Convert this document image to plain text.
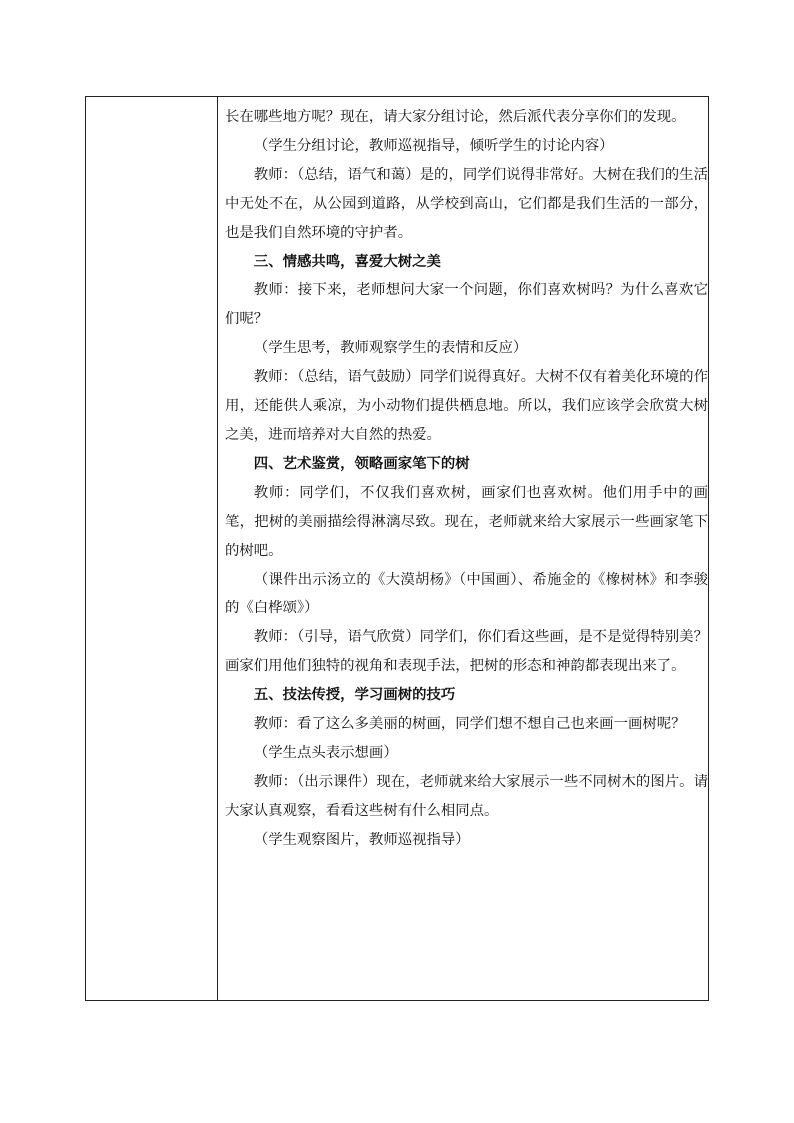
长在哪些地方呢？现在，请大家分组讨论，然后派代表分享你们的发现。

（学生分组讨论，教师巡视指导，倾听学生的讨论内容）

教师：（总结，语气和蔼）是的，同学们说得非常好。大树在我们的生活中无处不在，从公园到道路，从学校到高山，它们都是我们生活的一部分，也是我们自然环境的守护者。

三、情感共鸣，喜爱大树之美

教师：接下来，老师想问大家一个问题，你们喜欢树吗？为什么喜欢它们呢？

（学生思考，教师观察学生的表情和反应）

教师：（总结，语气鼓励）同学们说得真好。大树不仅有着美化环境的作用，还能供人乘凉，为小动物们提供栖息地。所以，我们应该学会欣赏大树之美，进而培养对大自然的热爱。

四、艺术鉴赏，领略画家笔下的树

教师：同学们，不仅我们喜欢树，画家们也喜欢树。他们用手中的画笔，把树的美丽描绘得淋漓尽致。现在，老师就来给大家展示一些画家笔下的树吧。

（课件出示汤立的《大漠胡杨》（中国画）、希施金的《橡树林》和李骏的《白桦颂》）

教师：（引导，语气欣赏）同学们，你们看这些画，是不是觉得特别美？画家们用他们独特的视角和表现手法，把树的形态和神韵都表现出来了。

五、技法传授，学习画树的技巧

教师：看了这么多美丽的树画，同学们想不想自己也来画一画树呢？

（学生点头表示想画）

教师：（出示课件）现在，老师就来给大家展示一些不同树木的图片。请大家认真观察，看看这些树有什么相同点。

（学生观察图片，教师巡视指导）
